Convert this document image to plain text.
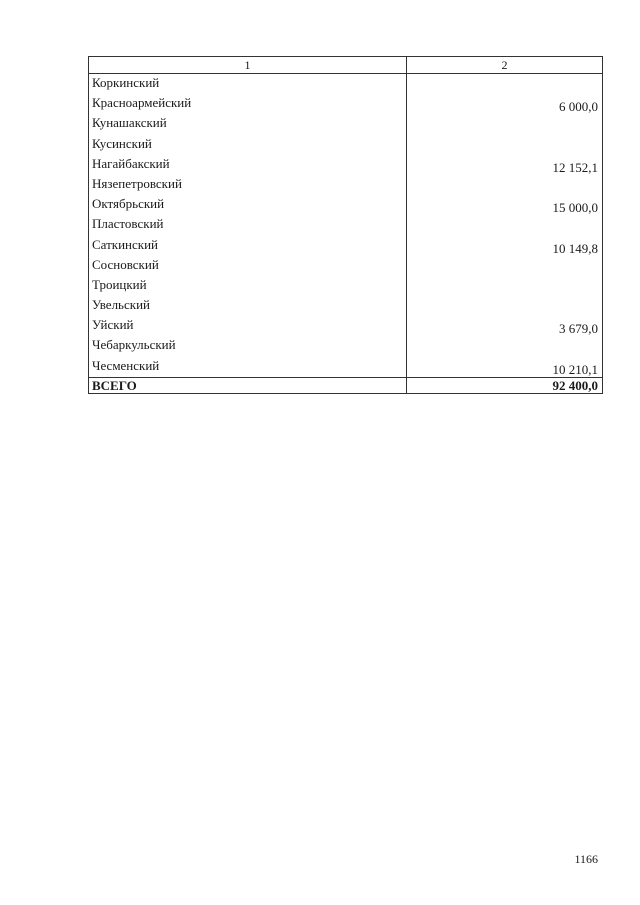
1	2
Коркинский	
Красноармейский	6 000,0
Кунашакский	
Кусинский	
Нагайбакский	12 152,1
Нязепетровский	
Октябрьский	15 000,0
Пластовский	
Саткинский	10 149,8
Сосновский	
Троицкий	
Увельский	
Уйский	3 679,0
Чебаркульский	
Чесменский	10 210,1
ВСЕГО	92 400,0
1166
